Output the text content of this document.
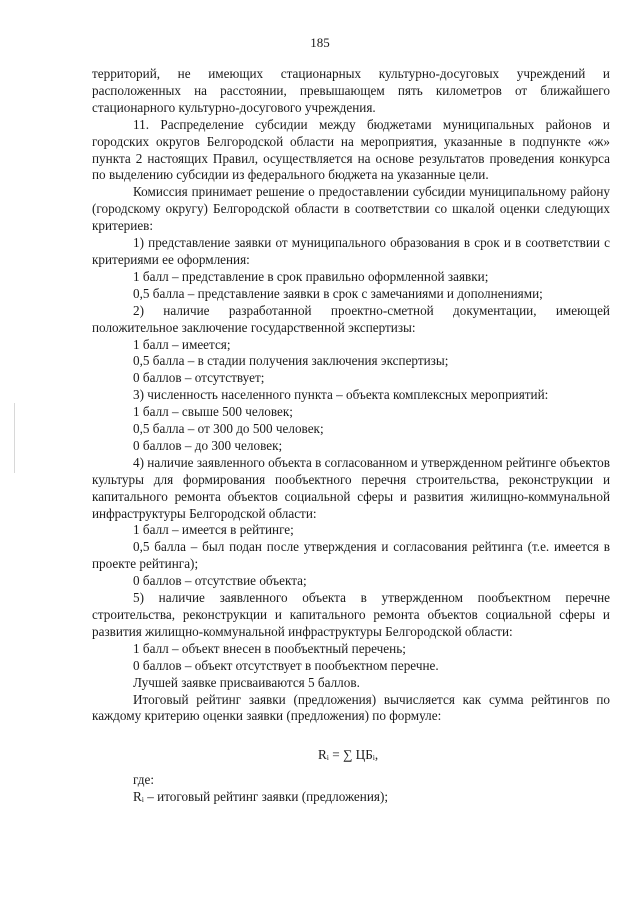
185

территорий, не имеющих стационарных культурно-досуговых учреждений и расположенных на расстоянии, превышающем пять километров от ближайшего стационарного культурно-досугового учреждения.

11. Распределение субсидии между бюджетами муниципальных районов и городских округов Белгородской области на мероприятия, указанные в подпункте «ж» пункта 2 настоящих Правил, осуществляется на основе результатов проведения конкурса по выделению субсидии из федерального бюджета на указанные цели.

Комиссия принимает решение о предоставлении субсидии муниципальному району (городскому округу) Белгородской области в соответствии со шкалой оценки следующих критериев:

1) представление заявки от муниципального образования в срок и в соответствии с критериями ее оформления:

1 балл – представление в срок правильно оформленной заявки;

0,5 балла – представление заявки в срок с замечаниями и дополнениями;

2) наличие разработанной проектно-сметной документации, имеющей положительное заключение государственной экспертизы:

1 балл – имеется;

0,5 балла – в стадии получения заключения экспертизы;

0 баллов – отсутствует;

3) численность населенного пункта – объекта комплексных мероприятий:

1 балл – свыше 500 человек;

0,5 балла – от 300 до 500 человек;

0 баллов – до 300 человек;

4) наличие заявленного объекта в согласованном и утвержденном рейтинге объектов культуры для формирования пообъектного перечня строительства, реконструкции и капитального ремонта объектов социальной сферы и развития жилищно-коммунальной инфраструктуры Белгородской области:

1 балл – имеется в рейтинге;

0,5 балла – был подан после утверждения и согласования рейтинга (т.е. имеется в проекте рейтинга);

0 баллов – отсутствие объекта;

5) наличие заявленного объекта в утвержденном пообъектном перечне строительства, реконструкции и капитального ремонта объектов социальной сферы и развития жилищно-коммунальной инфраструктуры Белгородской области:

1 балл – объект внесен в пообъектный перечень;

0 баллов – объект отсутствует в пообъектном перечне.

Лучшей заявке присваиваются 5 баллов.

Итоговый рейтинг заявки (предложения) вычисляется как сумма рейтингов по каждому критерию оценки заявки (предложения) по формуле:

Rᵢ = ∑ ЦБᵢ,

где:

Rᵢ – итоговый рейтинг заявки (предложения);
